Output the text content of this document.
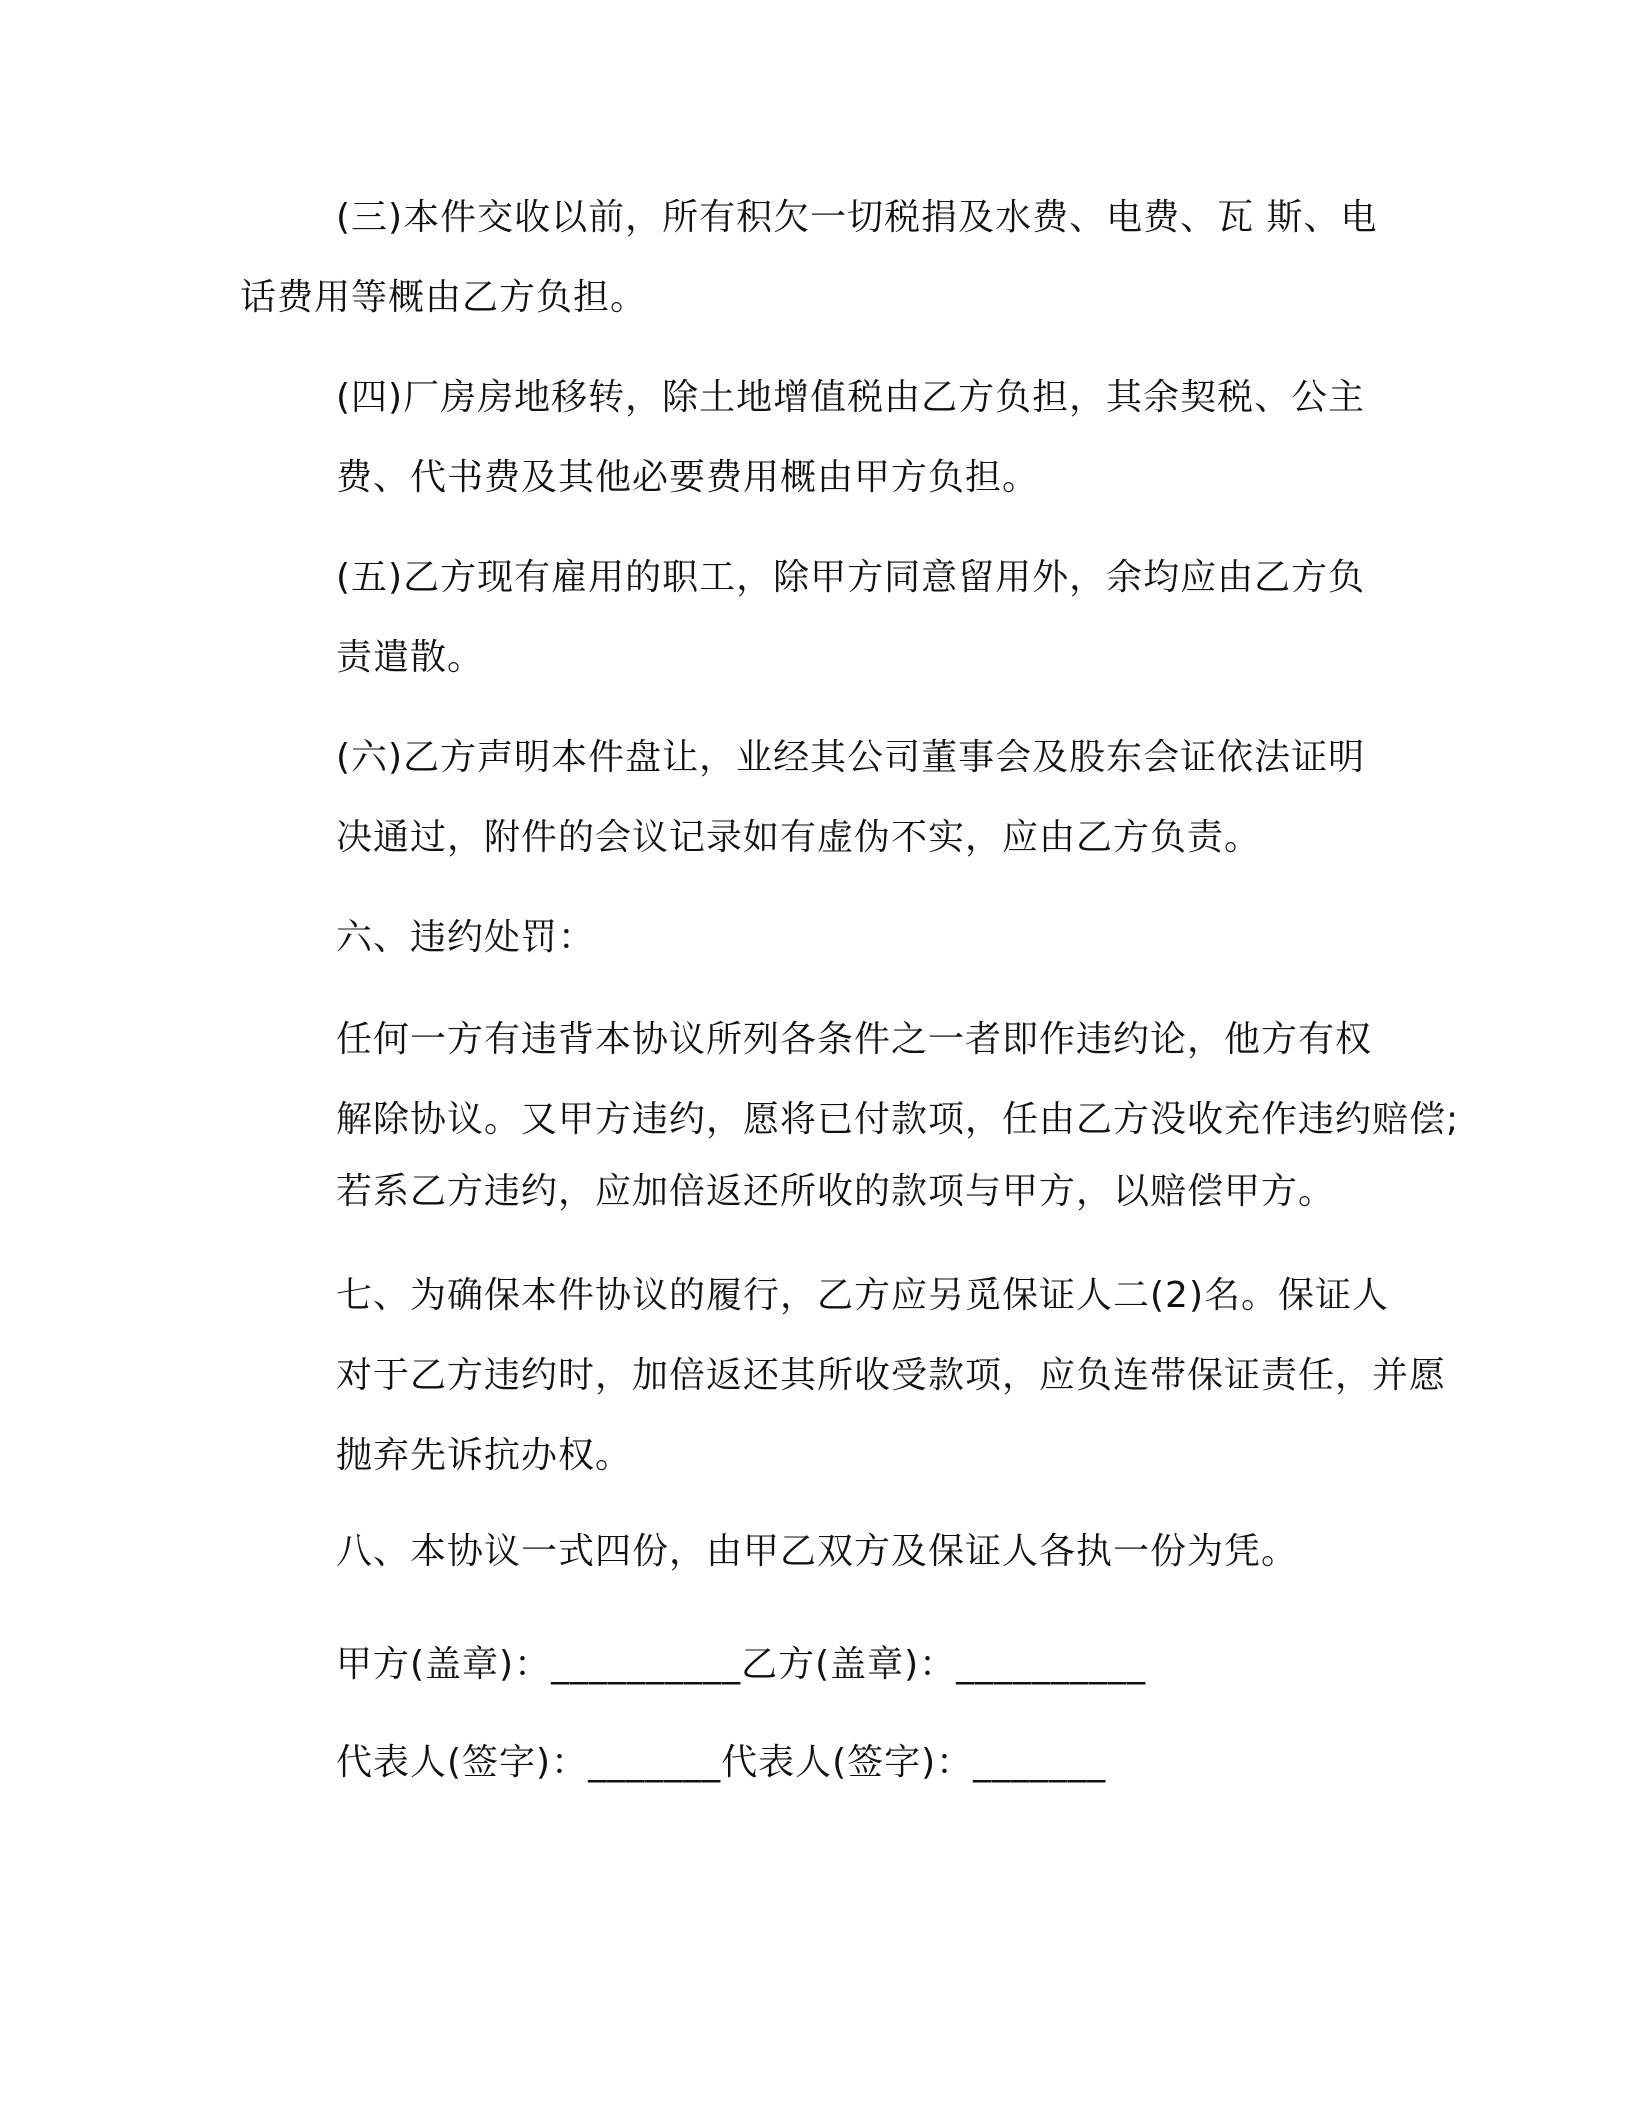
(三)本件交收以前，所有积欠一切税捐及水费、电费、瓦 斯、电
话费用等概由乙方负担。
(四)厂房房地移转，除土地增值税由乙方负担，其余契税、公主
费、代书费及其他必要费用概由甲方负担。
(五)乙方现有雇用的职工，除甲方同意留用外，余均应由乙方负
责遣散。
(六)乙方声明本件盘让，业经其公司董事会及股东会证依法证明
决通过，附件的会议记录如有虚伪不实，应由乙方负责。
六、违约处罚：
任何一方有违背本协议所列各条件之一者即作违约论，他方有权
解除协议。又甲方违约，愿将已付款项，任由乙方没收充作违约赔偿;
若系乙方违约，应加倍返还所收的款项与甲方，以赔偿甲方。
七、为确保本件协议的履行，乙方应另觅保证人二(2)名。保证人
对于乙方违约时，加倍返还其所收受款项，应负连带保证责任，并愿
抛弃先诉抗办权。
八、本协议一式四份，由甲乙双方及保证人各执一份为凭。
甲方(盖章)：__________乙方(盖章)：__________
代表人(签字)：_______代表人(签字)：_______
